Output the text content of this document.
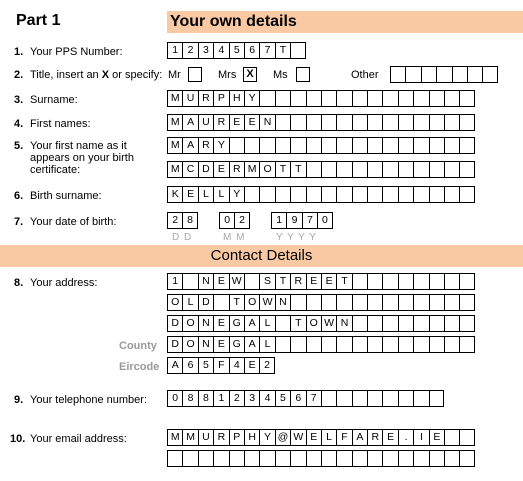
Part 1	Your own details
1. Your PPS Number:	1 2 3 4 5 6 7 T
2. Title, insert an X or specify: Mr	Mrs X	Ms	Other
3. Surname:	M U R P H Y
4. First names:	M A U R E E N
5. Your first name as it
appears on your birth
certificate:
M A R Y
M C D E R M O T T
6. Birth surname:	K E L L Y
7. Your date of birth:	2 8	0 2	1 9 7 0
D D	M M	Y Y Y Y
Contact Details
8. Your address:	1	N E W	S T R E E T
O L D	T O W N
D O N E G A L	T O W N
County	D O N E G A L
Eircode	A 6 5 F 4 E 2
9. Your telephone number:	0 8 8 1 2 3 4 5 6 7
10. Your email address:	M M U R P H Y @ W E L F A R E .	I E
